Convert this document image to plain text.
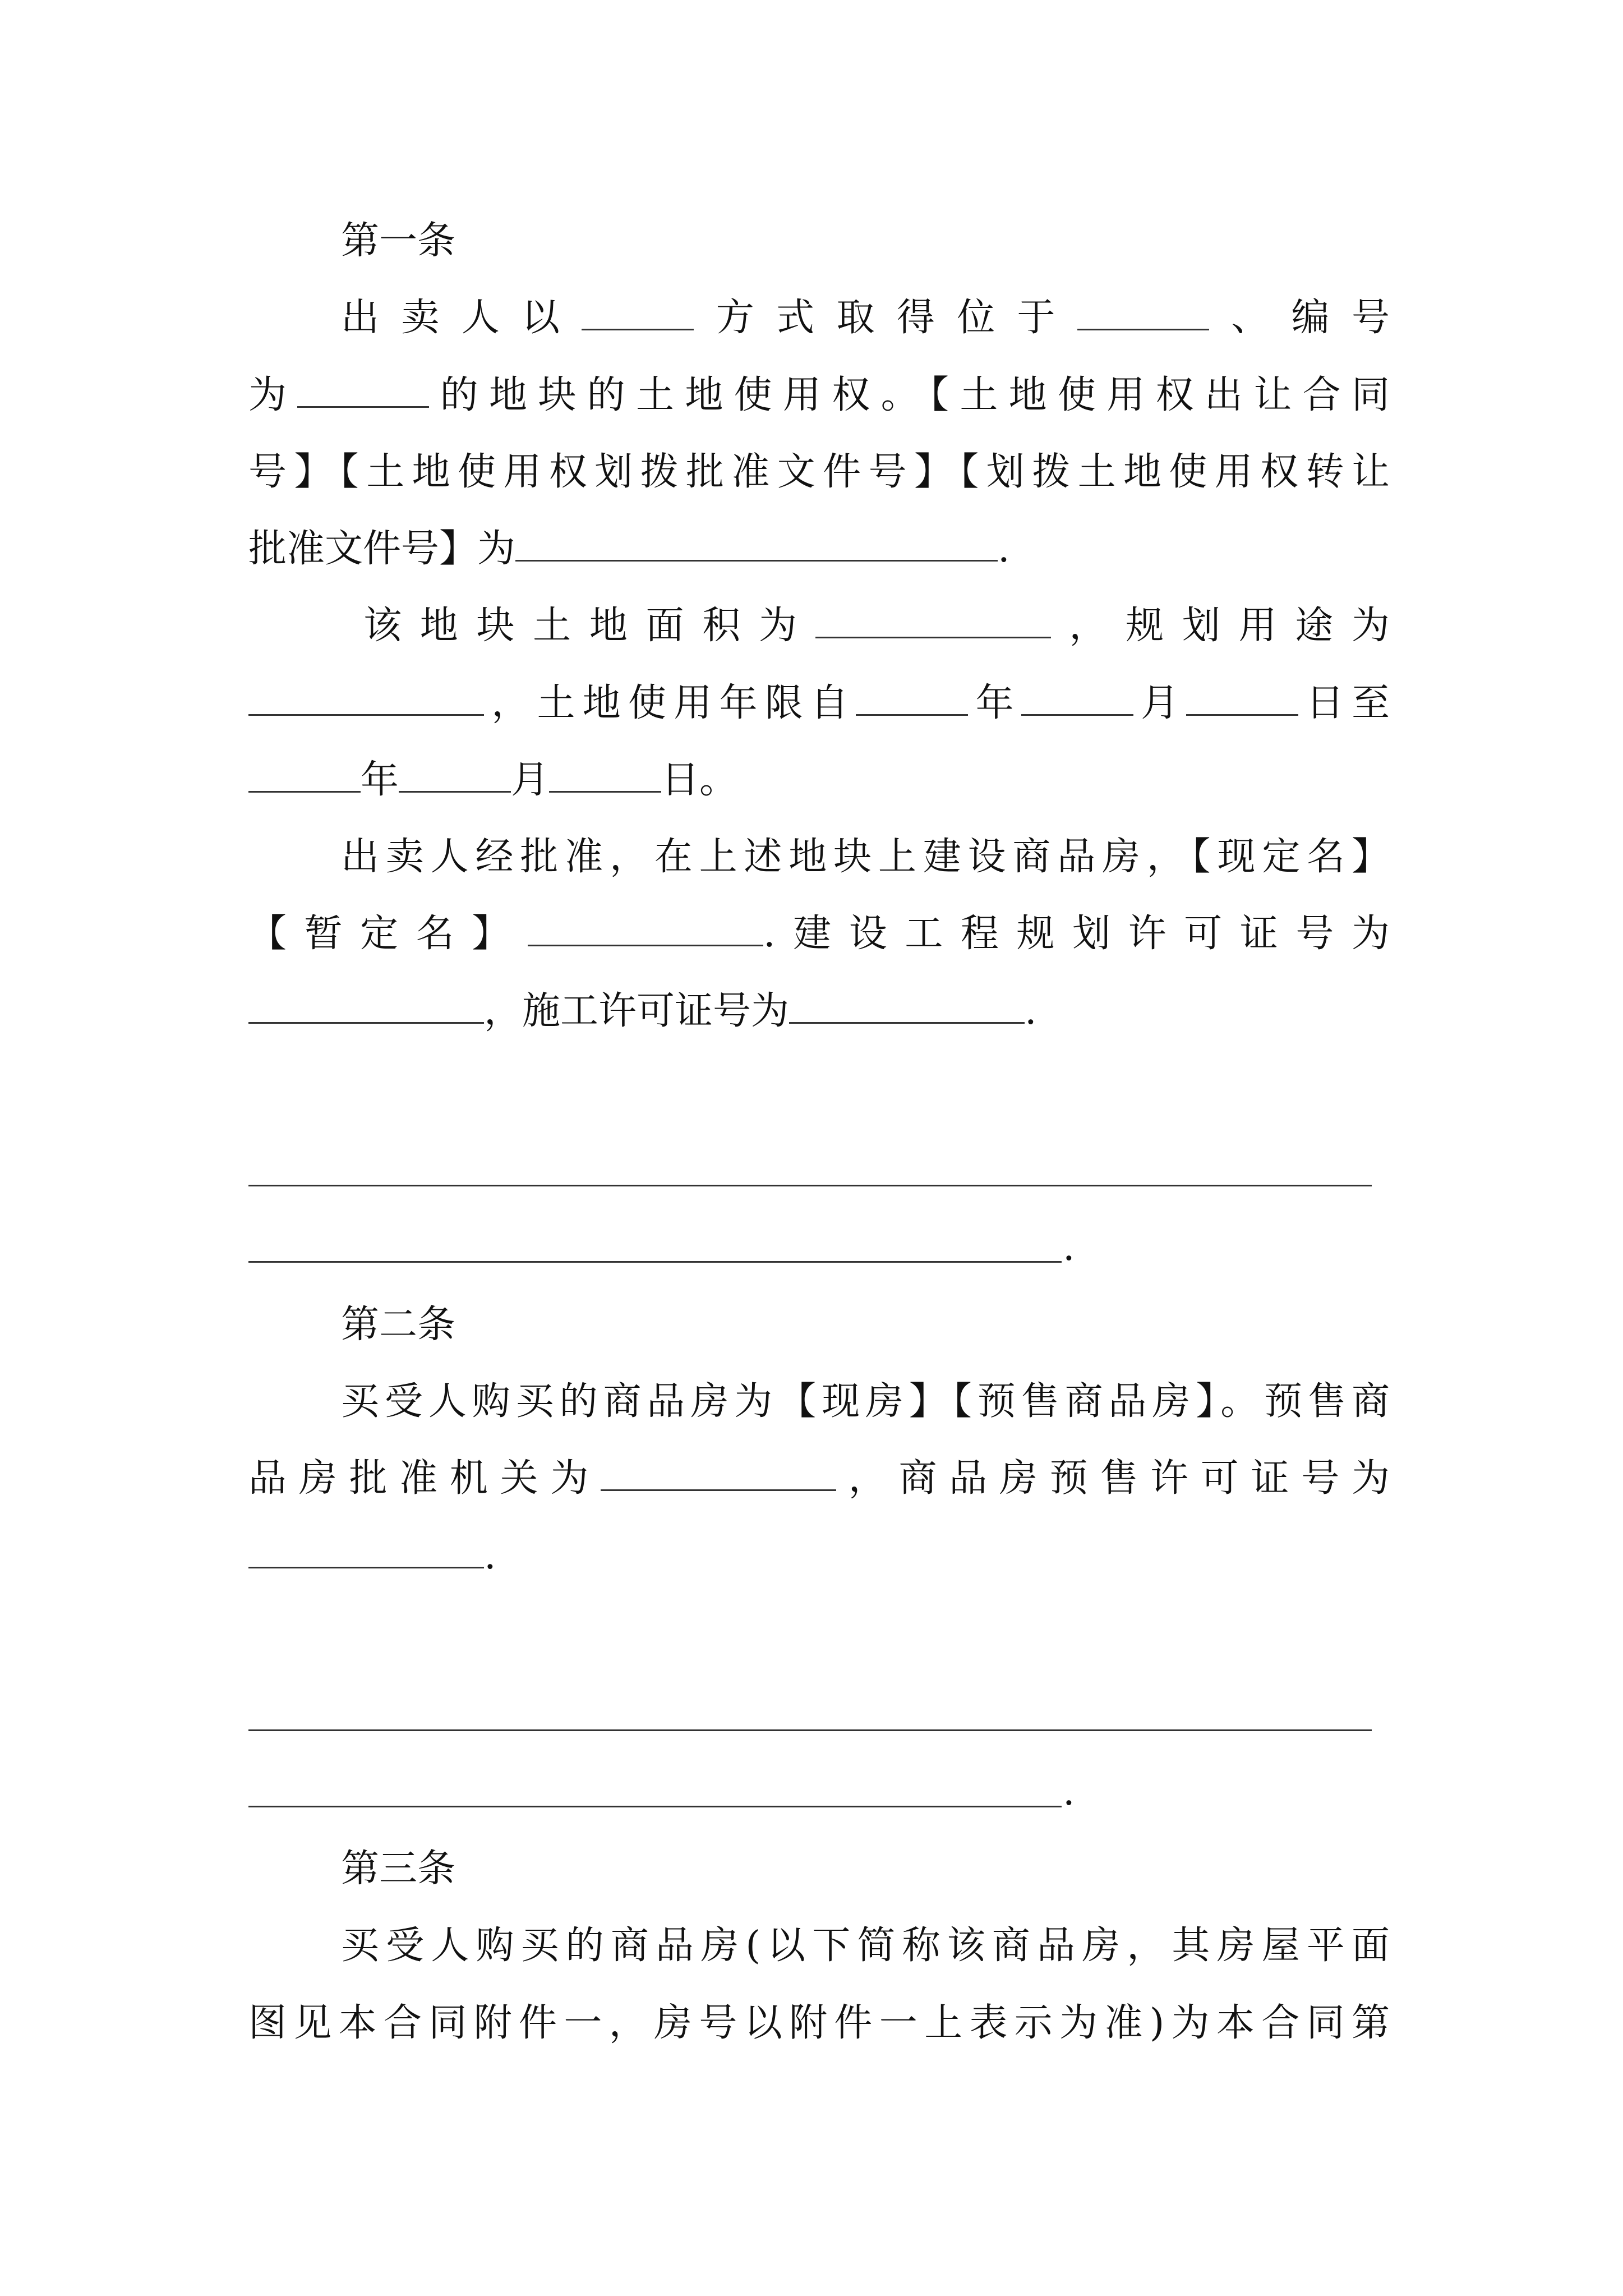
第一条

出卖人以	方式取得位于	、编号

为	的地块的土地使用权。【土地使用权出让合同

号】【土地使用权划拨批准文件号】【划拨土地使用权转让

批准文件号】为	.

该地块土地面积为	，规划用途为

，土地使用年限自	年	月	日至

年	月	日。

出卖人经批准，在上述地块上建设商品房，【现定名】

【暂定名】	.建设工程规划许可证号为

，施工许可证号为	.

.

第二条

买受人购买的商品房为【现房】【预售商品房】。预售商

品房批准机关为	，商品房预售许可证号为

.

.

第三条

买受人购买的商品房(以下简称该商品房，其房屋平面

图见本合同附件一，房号以附件一上表示为准)为本合同第
